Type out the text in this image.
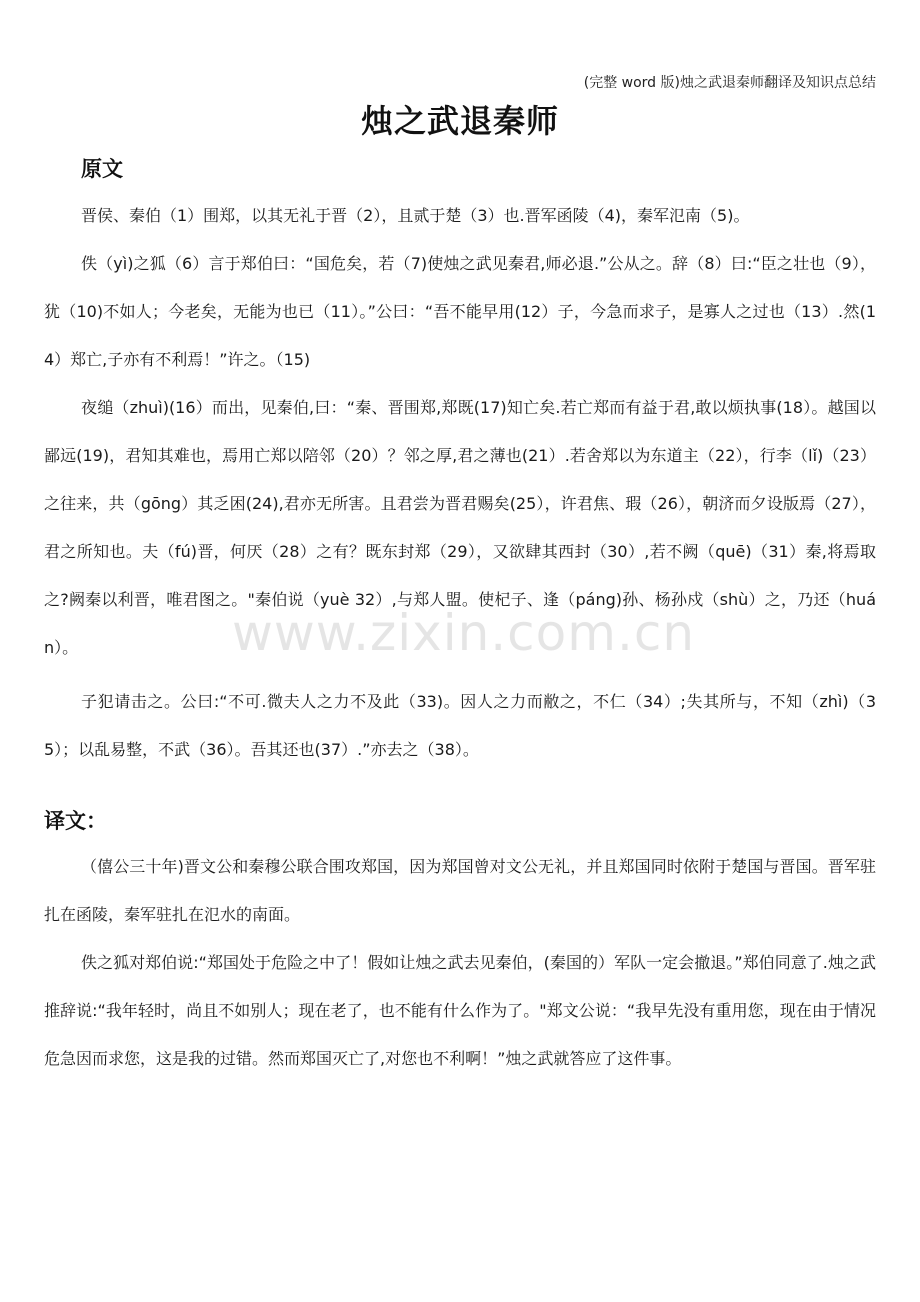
(完整 word 版)烛之武退秦师翻译及知识点总结
烛之武退秦师
原文

晋侯、秦伯（1）围郑，以其无礼于晋（2），且贰于楚（3）也.晋军函陵（4)，秦军氾南（5)。

佚（yì)之狐（6）言于郑伯曰：“国危矣，若（7)使烛之武见秦君,师必退.”公从之。辞（8）曰:“臣之壮也（9），犹（10)不如人；今老矣，无能为也已（11）。”公曰：“吾不能早用(12）子，今急而求子，是寡人之过也（13）.然(14）郑亡,子亦有不利焉！”许之。（15)

夜缒（zhuì)(16）而出，见秦伯,曰：“秦、晋围郑,郑既(17)知亡矣.若亡郑而有益于君,敢以烦执事(18）。越国以鄙远(19)，君知其难也，焉用亡郑以陪邻（20）？邻之厚,君之薄也(21）.若舍郑以为东道主（22），行李（lǐ)（23）之往来，共（gōng）其乏困(24),君亦无所害。且君尝为晋君赐矣(25），许君焦、瑕（26），朝济而夕设版焉（27），君之所知也。夫（fú)晋，何厌（28）之有？既东封郑（29），又欲肆其西封（30）,若不阙（quē)（31）秦,将焉取之?阙秦以利晋，唯君图之。"秦伯说（yuè 32）,与郑人盟。使杞子、逢（páng)孙、杨孙戍（shù）之，乃还（huán）。

子犯请击之。公曰:“不可.微夫人之力不及此（33)。因人之力而敝之，不仁（34）;失其所与，不知（zhì)（35）；以乱易整，不武（36）。吾其还也(37）.”亦去之（38）。

译文：

（僖公三十年)晋文公和秦穆公联合围攻郑国，因为郑国曾对文公无礼，并且郑国同时依附于楚国与晋国。晋军驻扎在函陵，秦军驻扎在氾水的南面。

佚之狐对郑伯说:“郑国处于危险之中了！假如让烛之武去见秦伯，(秦国的）军队一定会撤退。”郑伯同意了.烛之武推辞说:“我年轻时，尚且不如别人；现在老了，也不能有什么作为了。"郑文公说：“我早先没有重用您，现在由于情况危急因而求您，这是我的过错。然而郑国灭亡了,对您也不利啊！”烛之武就答应了这件事。

www.zixin.com.cn
